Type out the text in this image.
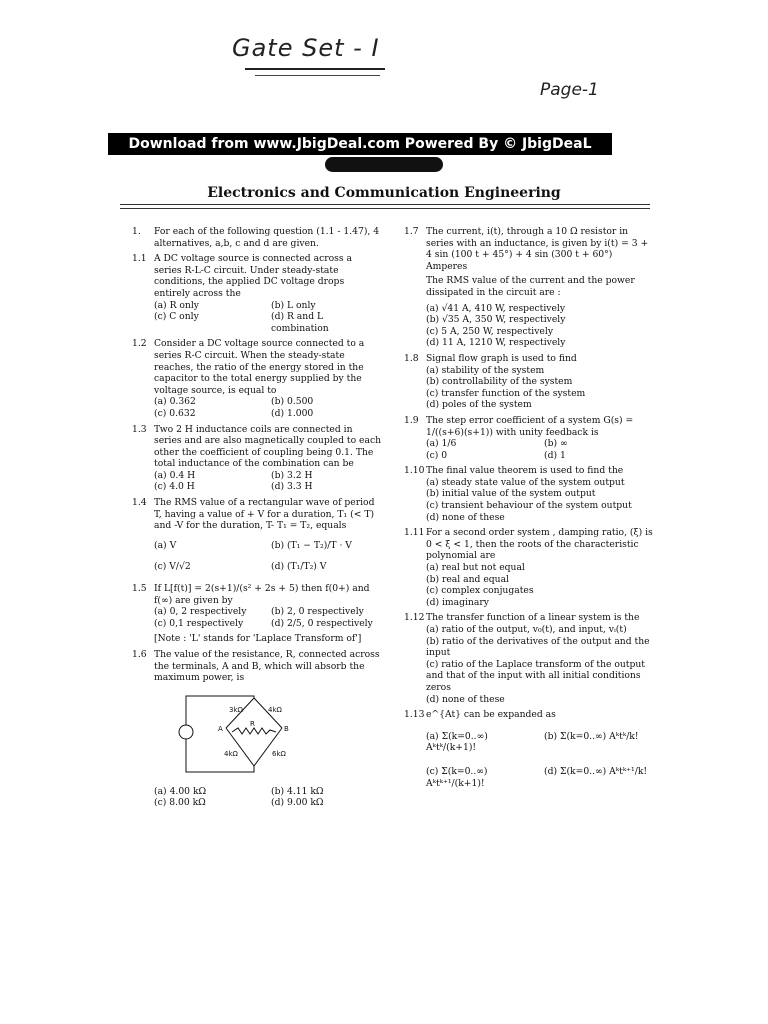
Gate Set - I
Page-1
Download from www.JbigDeal.com Powered By © JbigDeaL
Electronics and Communication Engineering
1. For each of the following question (1.1 - 1.47), 4 alternatives, a,b, c and d are given.
1.1 A DC voltage source is connected across a series R-L-C circuit. Under steady-state conditions, the applied DC voltage drops entirely across the
(a) R only	(b) L only
(c) C only	(d) R and L combination
1.2 Consider a DC voltage source connected to a series R-C circuit. When the steady-state reaches, the ratio of the energy stored in the capacitor to the total energy supplied by the voltage source, is equal to
(a) 0.362	(b) 0.500
(c) 0.632	(d) 1.000
1.3 Two 2 H inductance coils are connected in series and are also magnetically coupled to each other the coefficient of coupling being 0.1. The total inductance of the combination can be
(a) 0.4 H	(b) 3.2 H
(c) 4.0 H	(d) 3.3 H
1.4 The RMS value of a rectangular wave of period T, having a value of + V for a duration, T₁ (< T) and -V for the duration, T- T₁ = T₂, equals
(a) V	(b) (T₁ − T₂)/T · V
(c) V/√2	(d) (T₁/T₂) V
1.5 If L[f(t)] = 2(s+1)/(s² + 2s + 5) then f(0+) and f(∞) are given by
(a) 0, 2 respectively	(b) 2, 0 respectively
(c) 0,1 respectively	(d) 2/5, 0 respectively
[Note : 'L' stands for 'Laplace Transform of']
1.6 The value of the resistance, R, connected across the terminals, A and B, which will absorb the maximum power, is
3kΩ	4kΩ
4kΩ	6kΩ
R
A	B
(a) 4.00 kΩ	(b) 4.11 kΩ
(c) 8.00 kΩ	(d) 9.00 kΩ
1.7 The current, i(t), through a 10 Ω resistor in series with an inductance, is given by i(t) = 3 + 4 sin (100 t + 45°) + 4 sin (300 t + 60°) Amperes
The RMS value of the current and the power dissipated in the circuit are :
(a) √41 A, 410 W, respectively
(b) √35 A, 350 W, respectively
(c) 5 A, 250 W, respectively
(d) 11 A, 1210 W, respectively
1.8 Signal flow graph is used to find
(a) stability of the system
(b) controllability of the system
(c) transfer function of the system
(d) poles of the system
1.9 The step error coefficient of a system G(s) = 1/((s+6)(s+1)) with unity feedback is
(a) 1/6	(b) ∞
(c) 0	(d) 1
1.10 The final value theorem is used to find the
(a) steady state value of the system output
(b) initial value of the system output
(c) transient behaviour of the system output
(d) none of these
1.11 For a second order system , damping ratio, (ξ) is 0 < ξ < 1, then the roots of the characteristic polynomial are
(a) real but not equal
(b) real and equal
(c) complex conjugates
(d) imaginary
1.12 The transfer function of a linear system is the
(a) ratio of the output, v₀(t), and input, vᵢ(t)
(b) ratio of the derivatives of the output and the input
(c) ratio of the Laplace transform of the output and that of the input with all initial conditions zeros
(d) none of these
1.13 e^{At} can be expanded as
(a) Σ(k=0..∞) Aᵏtᵏ/(k+1)!
(b) Σ(k=0..∞) Aᵏtᵏ/k!
(c) Σ(k=0..∞) Aᵏtᵏ⁺¹/(k+1)!
(d) Σ(k=0..∞) Aᵏtᵏ⁺¹/k!
